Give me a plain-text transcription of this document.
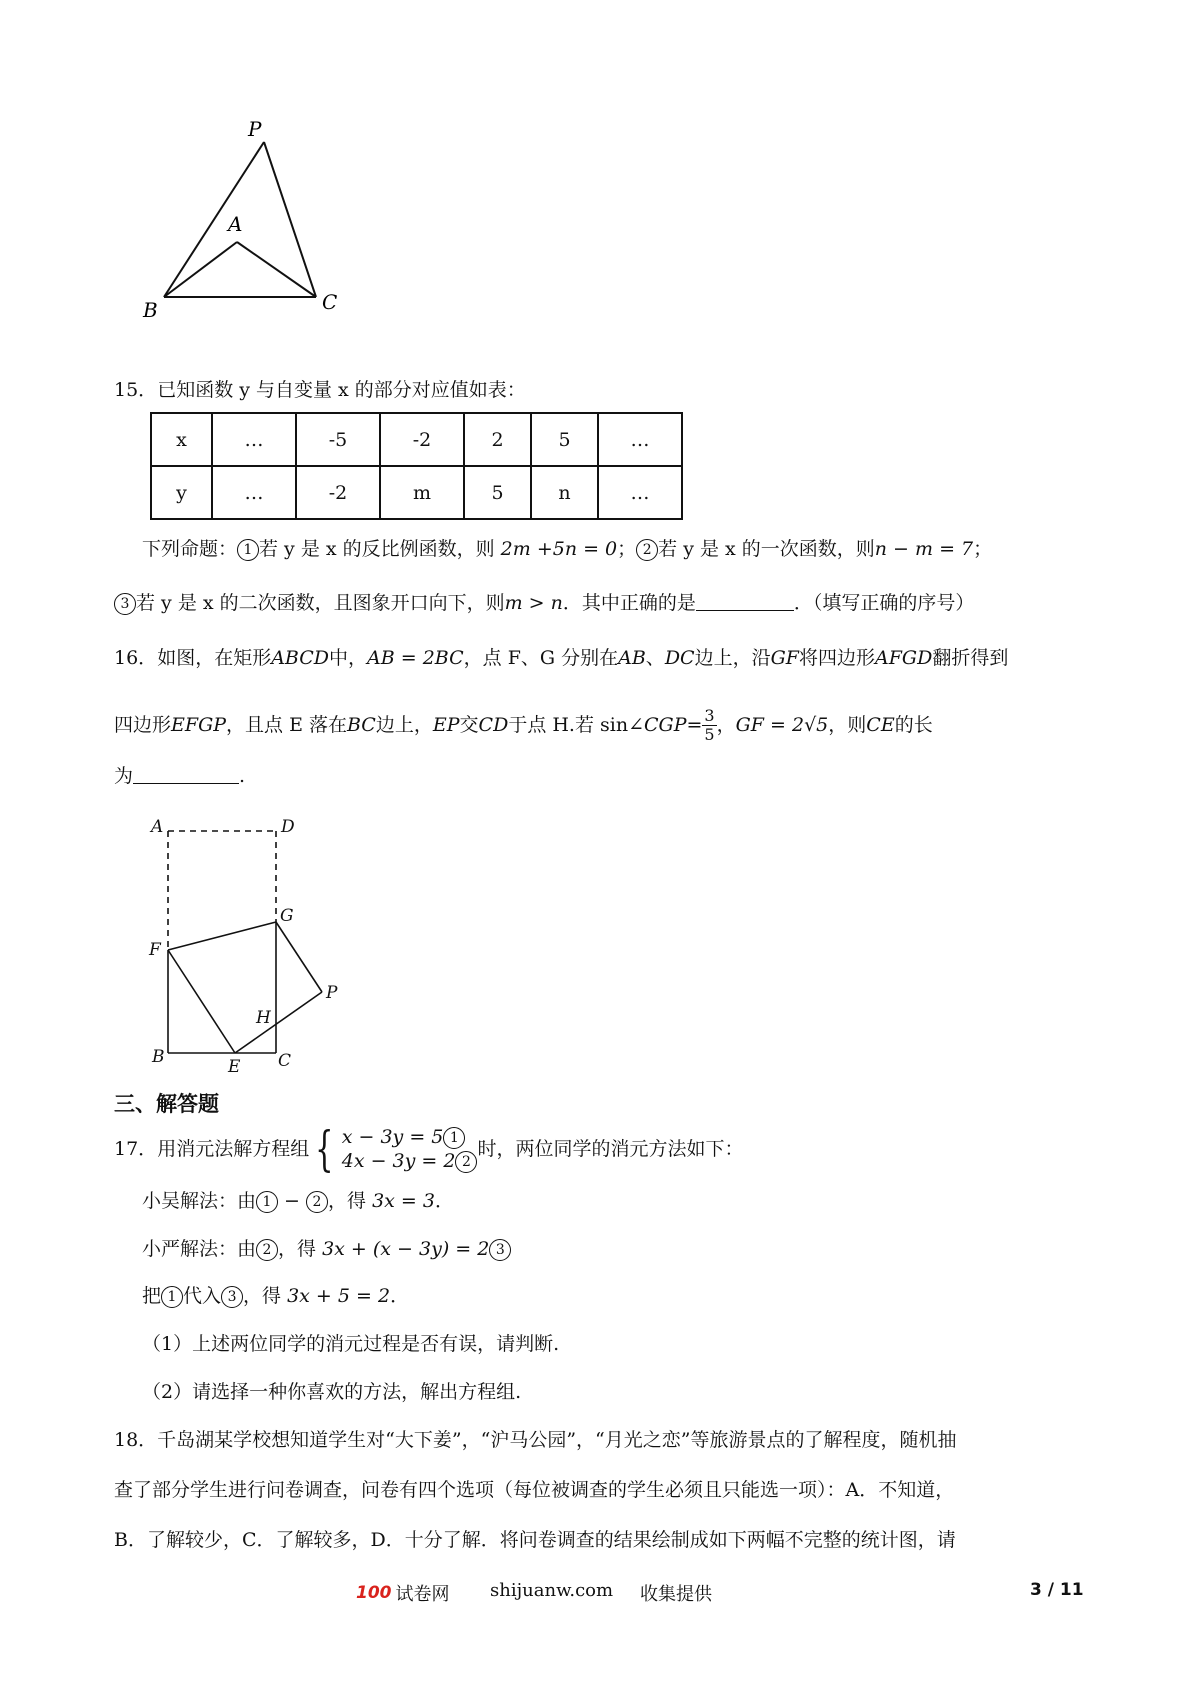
P
A
B	C
15．已知函数 y 与自变量 x 的部分对应值如表：
x	…	-5	-2	2	5	…
y	…	-2	m	5	n	…
下列命题： 1 若 y 是 x 的反比例函数，则 2m +5n = 0； 2 若 y 是 x 的一次函数，则n − m = 7；
3 若 y 是 x 的二次函数，且图象开口向下，则m > n．其中正确的是	．（填写正确的序号）
16．如图，在矩形ABCD中，AB = 2BC，点 F、G 分别在AB、DC边上，沿GF将四边形AFGD翻折得到
四边形 EFGP ，且点 E 落在 BC 边上， EP 交 CD 于点 H.若 sin∠ CGP = $\frac{3}{5}$ ， GF = 2√5 ，则 CE 的长
为	.
A	D
G
F
P
H
B	E C
三、解答题
17． 用消元法解方程组 { x − 3y = 5 1
4x − 3y = 2 2
时，两位同学的消元方法如下：
小吴解法：由 1 − 2 ，得 3x = 3．
小严解法：由 2 ，得 3x + (x − 3y) = 2 3
把 1 代入 3 ，得 3x + 5 = 2．
（1）上述两位同学的消元过程是否有误，请判断.
（2）请选择一种你喜欢的方法，解出方程组.
18．千岛湖某学校想知道学生对“大下姜”，“沪马公园”，“月光之恋”等旅游景点的了解程度，随机抽
查了部分学生进行问卷调查，问卷有四个选项（每位被调查的学生必须且只能选一项）：A．不知道，
B．了解较少，C．了解较多，D．十分了解．将问卷调查的结果绘制成如下两幅不完整的统计图，请
100 试卷网 shijuanw.com 收集提供	3 / 11
